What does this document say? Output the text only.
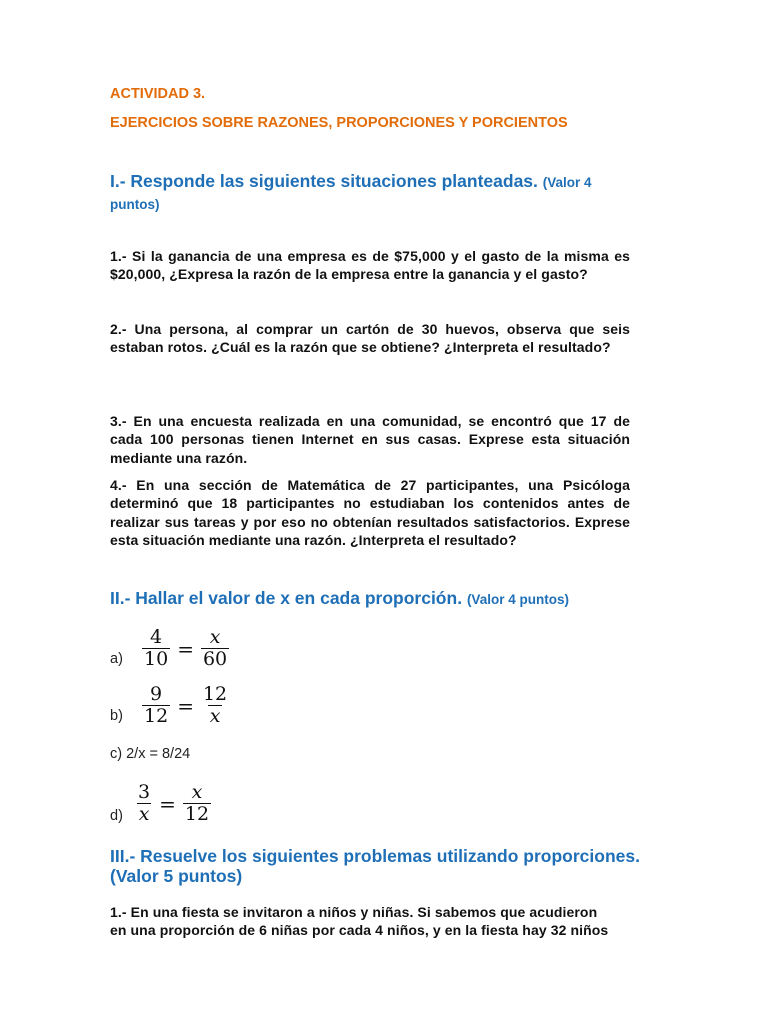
ACTIVIDAD 3.
EJERCICIOS SOBRE RAZONES, PROPORCIONES Y PORCIENTOS
I.- Responde las siguientes situaciones planteadas. (Valor 4
puntos)
1.- Si la ganancia de una empresa es de $75,000 y el gasto de la misma es $20,000, ¿Expresa la razón de la empresa entre la ganancia y el gasto?
2.- Una persona, al comprar un cartón de 30 huevos, observa que seis estaban rotos. ¿Cuál es la razón que se obtiene? ¿Interpreta el resultado?
3.- En una encuesta realizada en una comunidad, se encontró que 17 de cada 100 personas tienen Internet en sus casas. Exprese esta situación mediante una razón.
4.- En una sección de Matemática de 27 participantes, una Psicóloga determinó que 18 participantes no estudiaban los contenidos antes de realizar sus tareas y por eso no obtenían resultados satisfactorios. Exprese esta situación mediante una razón. ¿Interpreta el resultado?
II.- Hallar el valor de x en cada proporción. (Valor 4 puntos)
$a) \frac{4}{10} = \frac{x}{60}$
$b) \frac{9}{12} = \frac{12}{x}$
c) 2/x = 8/24
$d) \frac{3}{x} = \frac{x}{12}$
III.- Resuelve los siguientes problemas utilizando proporciones.
(Valor 5 puntos)
1.- En una fiesta se invitaron a niños y niñas. Si sabemos que acudieron
en una proporción de 6 niñas por cada 4 niños, y en la fiesta hay 32 niños
